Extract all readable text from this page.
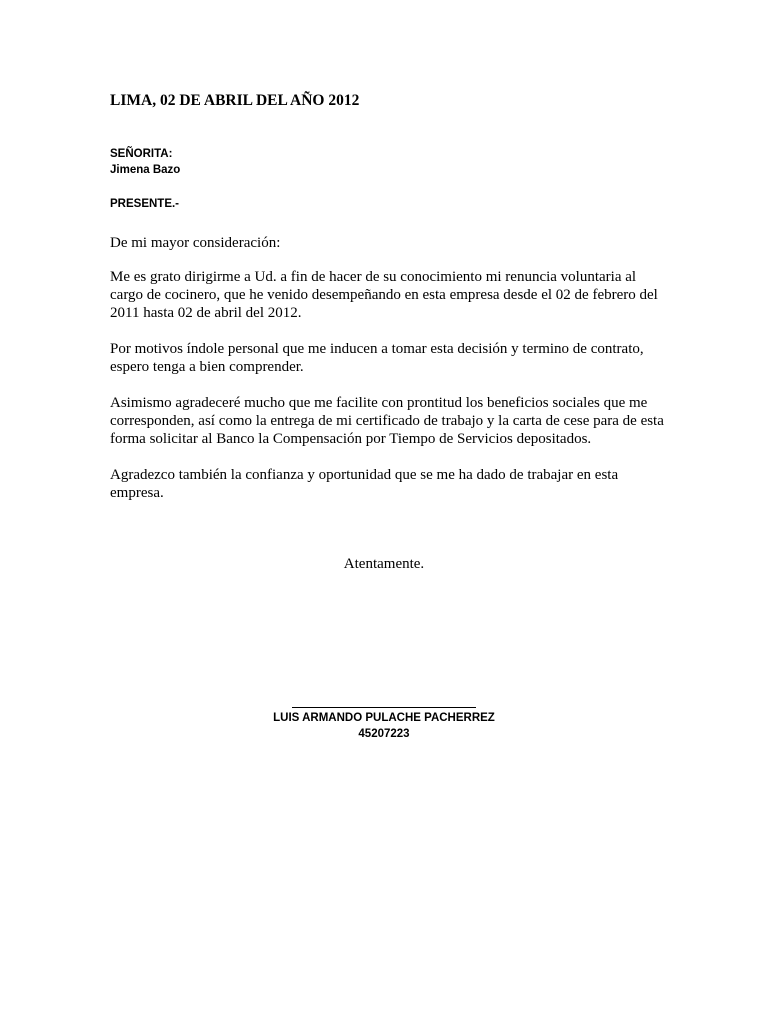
LIMA, 02 DE ABRIL DEL AÑO 2012

SEÑORITA:

Jimena Bazo

PRESENTE.-

De mi mayor consideración:

Me es grato dirigirme a Ud. a fin de hacer de su conocimiento mi renuncia voluntaria al cargo de cocinero, que he venido desempeñando en esta empresa desde el 02 de febrero del 2011 hasta 02 de abril del 2012.

Por motivos índole personal que me inducen a tomar esta decisión y termino de contrato, espero tenga a bien comprender.

Asimismo agradeceré mucho que me facilite con prontitud los beneficios sociales que me corresponden, así como la entrega de mi certificado de trabajo y la carta de cese para de esta forma solicitar al Banco la Compensación por Tiempo de Servicios depositados.

Agradezco también la confianza y oportunidad que se me ha dado de trabajar en esta empresa.

Atentamente.

LUIS ARMANDO PULACHE PACHERREZ
45207223
